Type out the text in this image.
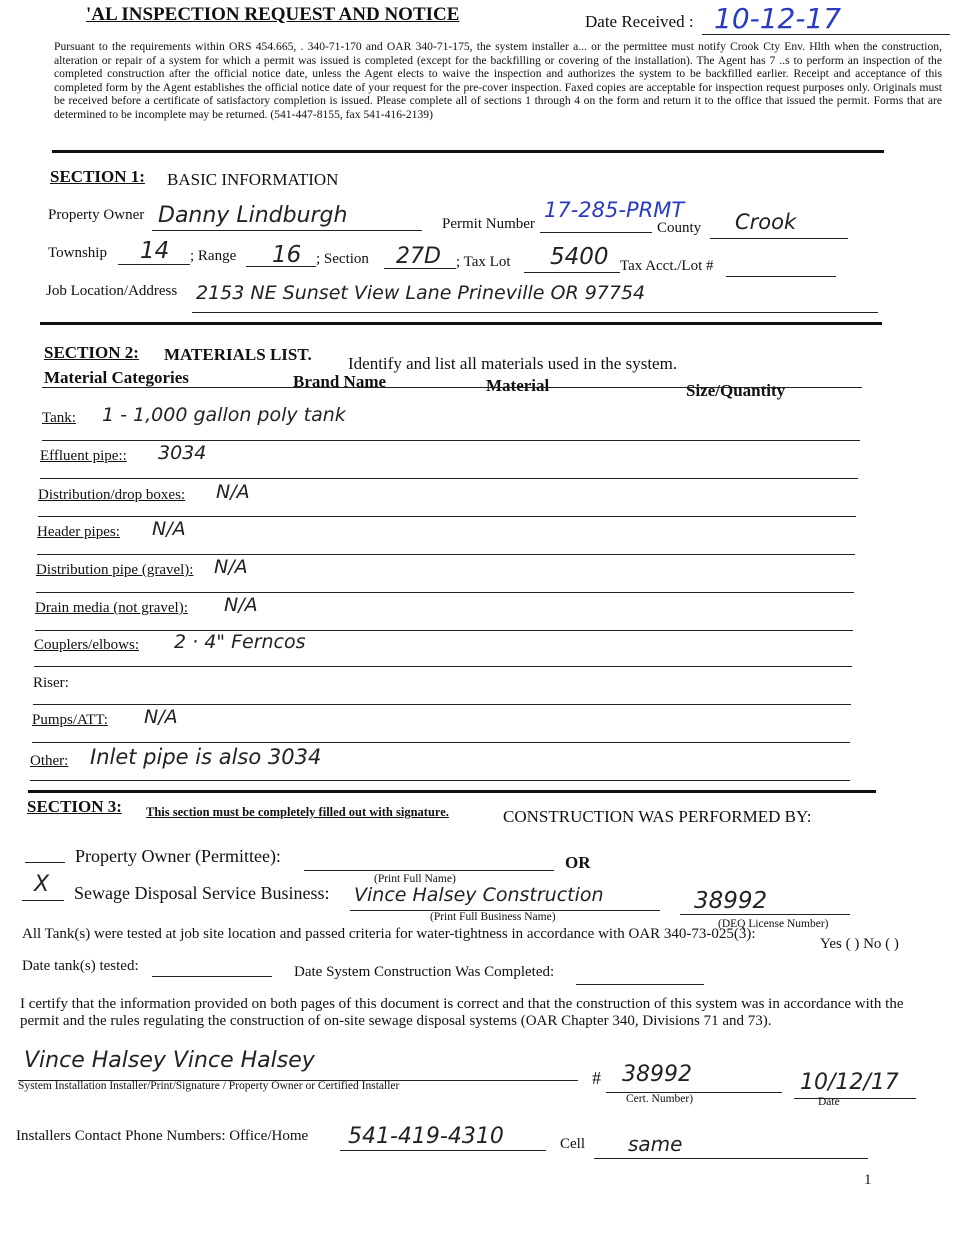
'AL INSPECTION REQUEST AND NOTICE	Date Received : 10-12-17
Pursuant to the requirements within ORS 454.665, . 340-71-170 and OAR 340-71-175, the system installer a... or the permittee must notify Crook Cty Env. Hlth when the construction, alteration or repair of a system for which a permit was issued is completed (except for the backfilling or covering of the installation). The Agent has 7 ..s to perform an inspection of the completed construction after the official notice date, unless the Agent elects to waive the inspection and authorizes the system to be backfilled earlier. Receipt and acceptance of this completed form by the Agent establishes the official notice date of your request for the pre-cover inspection. Faxed copies are acceptable for inspection request purposes only. Originals must be received before a certificate of satisfactory completion is issued. Please complete all of sections 1 through 4 on the form and return it to the office that issued the permit. Forms that are determined to be incomplete may be returned. (541-447-8155, fax 541-416-2139)
SECTION 1: BASIC INFORMATION
Property Owner Danny Lindburgh	Permit Number
17-285-PRMT
County Crook
Township 14 ; Range 16 ; Section 27D ; Tax Lot 5400 Tax Acct./Lot #
Job Location/Address 2153 NE Sunset View Lane Prineville OR 97754
SECTION 2: MATERIALS LIST. Identify and list all materials used in the system.
Material Categories	Brand Name	Material	Size/Quantity
Tank: 1 - 1,000 gallon poly tank
Effluent pipe:: 3034
Distribution/drop boxes: N/A
Header pipes: N/A
Distribution pipe (gravel): N/A
Drain media (not gravel): N/A
Couplers/elbows: 2 · 4" Ferncos
Riser:
Pumps/ATT: N/A
Other: Inlet pipe is also 3034
SECTION 3: This section must be completely filled out with signature.	CONSTRUCTION WAS PERFORMED BY:
Property Owner (Permittee):	OR
(Print Full Name)
X Sewage Disposal Service Business: Vince Halsey Construction	38992
(Print Full Business Name)
(DEQ License Number)
All Tank(s) were tested at job site location and passed criteria for water-tightness in accordance with OAR 340-73-025(3):
Yes ( ) No ( )
Date tank(s) tested:	Date System Construction Was Completed:
I certify that the information provided on both pages of this document is correct and that the construction of this system was in accordance with the permit and the rules regulating the construction of on-site sewage disposal systems (OAR Chapter 340, Divisions 71 and 73).
Vince Halsey Vince Halsey
System Installation Installer/Print/Signature / Property Owner or Certified Installer	# 38992
Cert. Number)
10/12/17
Date
Installers Contact Phone Numbers: Office/Home 541-419-4310	Cell same
1
